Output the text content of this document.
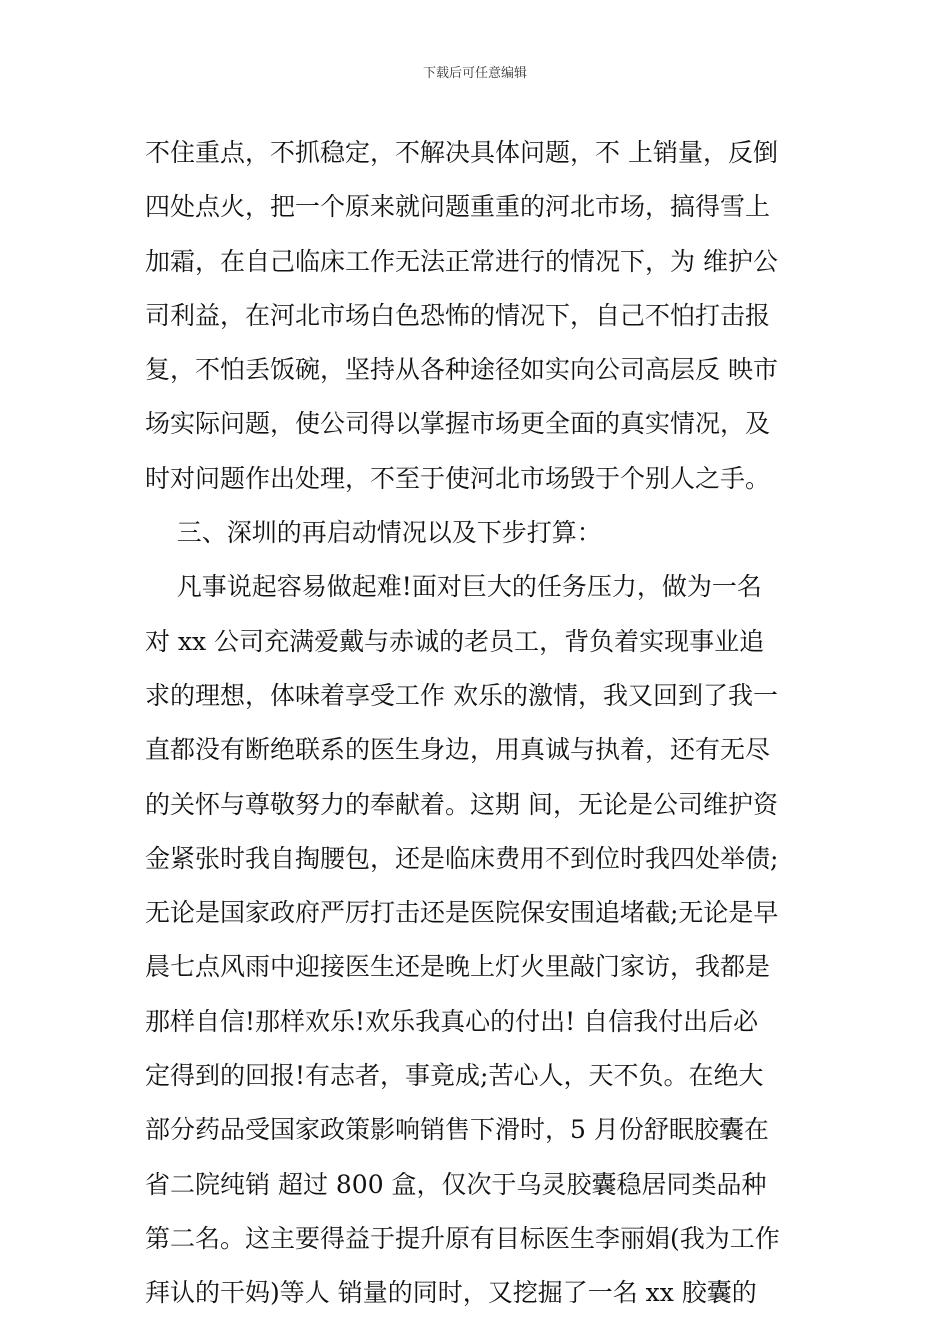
下载后可任意编辑
不住重点，不抓稳定，不解决具体问题，不 上销量，反倒
四处点火，把一个原来就问题重重的河北市场，搞得雪上
加霜，在自己临床工作无法正常进行的情况下，为 维护公
司利益，在河北市场白色恐怖的情况下，自己不怕打击报
复，不怕丢饭碗，坚持从各种途径如实向公司高层反 映市
场实际问题，使公司得以掌握市场更全面的真实情况，及
时对问题作出处理，不至于使河北市场毁于个别人之手。
三、深圳的再启动情况以及下步打算：
凡事说起容易做起难!面对巨大的任务压力，做为一名
对 xx 公司充满爱戴与赤诚的老员工，背负着实现事业追
求的理想，体味着享受工作 欢乐的激情，我又回到了我一
直都没有断绝联系的医生身边，用真诚与执着，还有无尽
的关怀与尊敬努力的奉献着。这期 间，无论是公司维护资
金紧张时我自掏腰包，还是临床费用不到位时我四处举债;
无论是国家政府严厉打击还是医院保安围追堵截;无论是早
晨七点风雨中迎接医生还是晚上灯火里敲门家访，我都是
那样自信!那样欢乐!欢乐我真心的付出! 自信我付出后必
定得到的回报!有志者，事竟成;苦心人，天不负。在绝大
部分药品受国家政策影响销售下滑时，5 月份舒眠胶囊在
省二院纯销 超过 800 盒，仅次于乌灵胶囊稳居同类品种
第二名。这主要得益于提升原有目标医生李丽娟(我为工作
拜认的干妈)等人 销量的同时，又挖掘了一名 xx 胶囊的
